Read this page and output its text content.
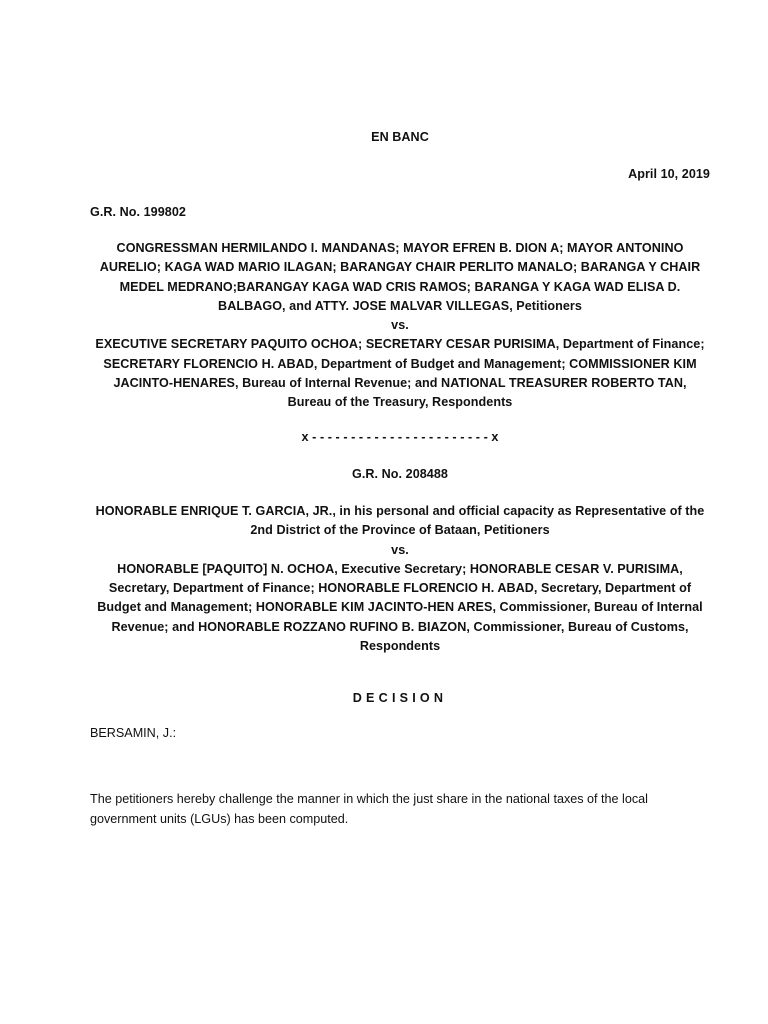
EN BANC
April 10, 2019
G.R. No. 199802
CONGRESSMAN HERMILANDO I. MANDANAS; MAYOR EFREN B. DION A; MAYOR ANTONINO
AURELIO; KAGA WAD MARIO ILAGAN; BARANGAY CHAIR PERLITO MANALO; BARANGA Y CHAIR
MEDEL MEDRANO;BARANGAY KAGA WAD CRIS RAMOS; BARANGA Y KAGA WAD ELISA D.
BALBAGO, and ATTY. JOSE MALVAR VILLEGAS, Petitioners
vs.
EXECUTIVE SECRETARY PAQUITO OCHOA; SECRETARY CESAR PURISIMA, Department of Finance;
SECRETARY FLORENCIO H. ABAD, Department of Budget and Management; COMMISSIONER KIM
JACINTO-HENARES, Bureau of Internal Revenue; and NATIONAL TREASURER ROBERTO TAN,
Bureau of the Treasury, Respondents
x - - - - - - - - - - - - - - - - - - - - - - - x
G.R. No. 208488
HONORABLE ENRIQUE T. GARCIA, JR., in his personal and official capacity as Representative of the
2nd District of the Province of Bataan, Petitioners
vs.
HONORABLE [PAQUITO] N. OCHOA, Executive Secretary; HONORABLE CESAR V. PURISIMA,
Secretary, Department of Finance; HONORABLE FLORENCIO H. ABAD, Secretary, Department of
Budget and Management; HONORABLE KIM JACINTO-HEN ARES, Commissioner, Bureau of Internal
Revenue; and HONORABLE ROZZANO RUFINO B. BIAZON, Commissioner, Bureau of Customs,
Respondents
DECISION
BERSAMIN, J.:
The petitioners hereby challenge the manner in which the just share in the national taxes of the local
government units (LGUs) has been computed.
